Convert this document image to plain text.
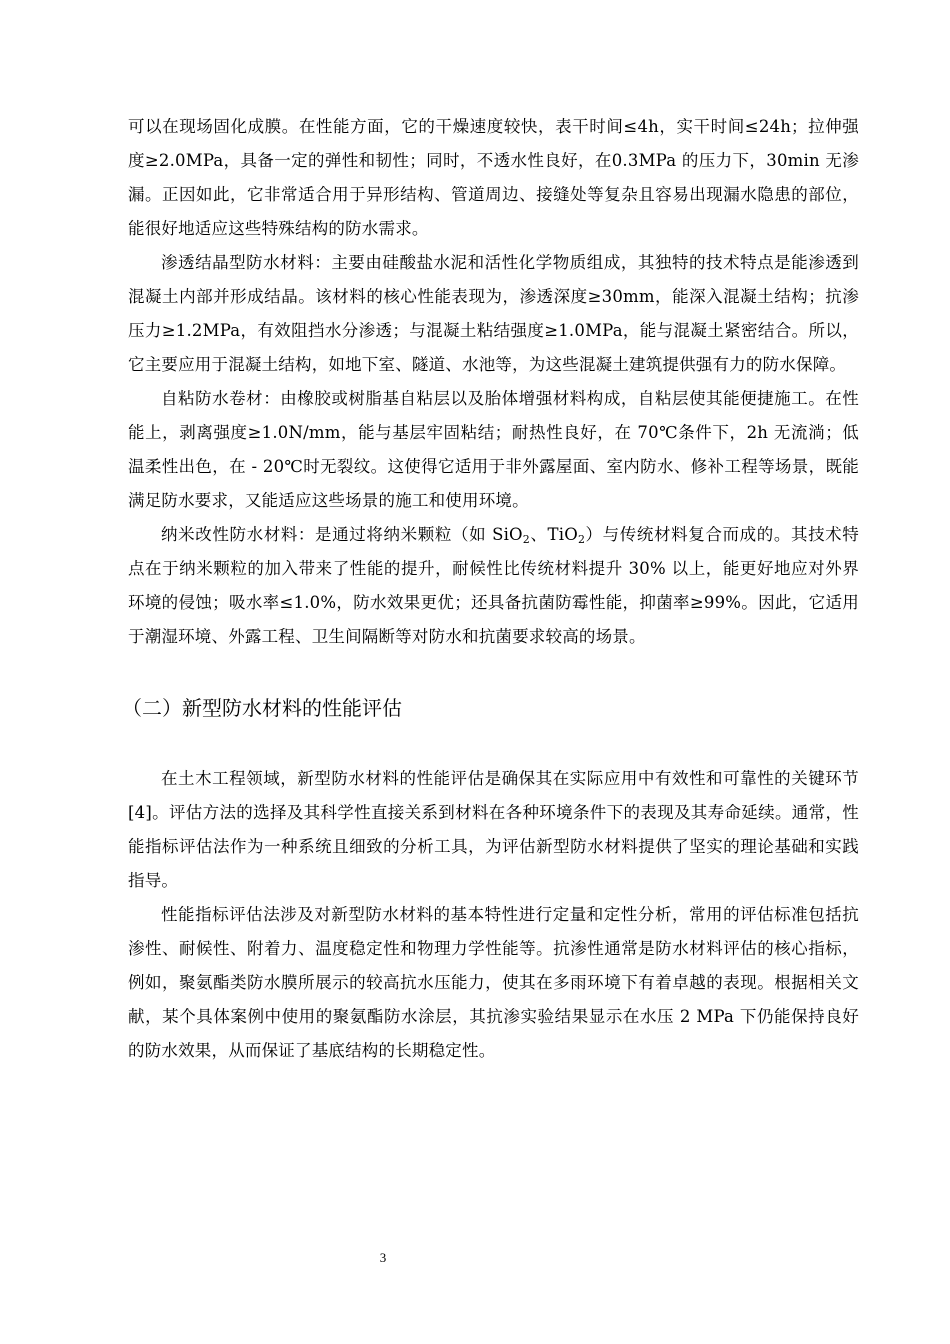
可以在现场固化成膜。在性能方面，它的干燥速度较快，表干时间≤4h，实干时间≤24h；拉伸强度≥2.0MPa，具备一定的弹性和韧性；同时，不透水性良好，在0.3MPa 的压力下，30min 无渗漏。正因如此，它非常适合用于异形结构、管道周边、接缝处等复杂且容易出现漏水隐患的部位，能很好地适应这些特殊结构的防水需求。

渗透结晶型防水材料：主要由硅酸盐水泥和活性化学物质组成，其独特的技术特点是能渗透到混凝土内部并形成结晶。该材料的核心性能表现为，渗透深度≥30mm，能深入混凝土结构；抗渗压力≥1.2MPa，有效阻挡水分渗透；与混凝土粘结强度≥1.0MPa，能与混凝土紧密结合。所以，它主要应用于混凝土结构，如地下室、隧道、水池等，为这些混凝土建筑提供强有力的防水保障。

自粘防水卷材：由橡胶或树脂基自粘层以及胎体增强材料构成，自粘层使其能便捷施工。在性能上，剥离强度≥1.0N/mm，能与基层牢固粘结；耐热性良好，在 70℃条件下，2h 无流淌；低温柔性出色，在 - 20℃时无裂纹。这使得它适用于非外露屋面、室内防水、修补工程等场景，既能满足防水要求，又能适应这些场景的施工和使用环境。

纳米改性防水材料：是通过将纳米颗粒（如 SiO$_2$、TiO$_2$）与传统材料复合而成的。其技术特点在于纳米颗粒的加入带来了性能的提升，耐候性比传统材料提升 30% 以上，能更好地应对外界环境的侵蚀；吸水率≤1.0%，防水效果更优；还具备抗菌防霉性能，抑菌率≥99%。因此，它适用于潮湿环境、外露工程、卫生间隔断等对防水和抗菌要求较高的场景。

（二）新型防水材料的性能评估

在土木工程领域，新型防水材料的性能评估是确保其在实际应用中有效性和可靠性的关键环节[4]。评估方法的选择及其科学性直接关系到材料在各种环境条件下的表现及其寿命延续。通常，性能指标评估法作为一种系统且细致的分析工具，为评估新型防水材料提供了坚实的理论基础和实践指导。

性能指标评估法涉及对新型防水材料的基本特性进行定量和定性分析，常用的评估标准包括抗渗性、耐候性、附着力、温度稳定性和物理力学性能等。抗渗性通常是防水材料评估的核心指标，例如，聚氨酯类防水膜所展示的较高抗水压能力，使其在多雨环境下有着卓越的表现。根据相关文献，某个具体案例中使用的聚氨酯防水涂层，其抗渗实验结果显示在水压 2 MPa 下仍能保持良好的防水效果，从而保证了基底结构的长期稳定性。

3
